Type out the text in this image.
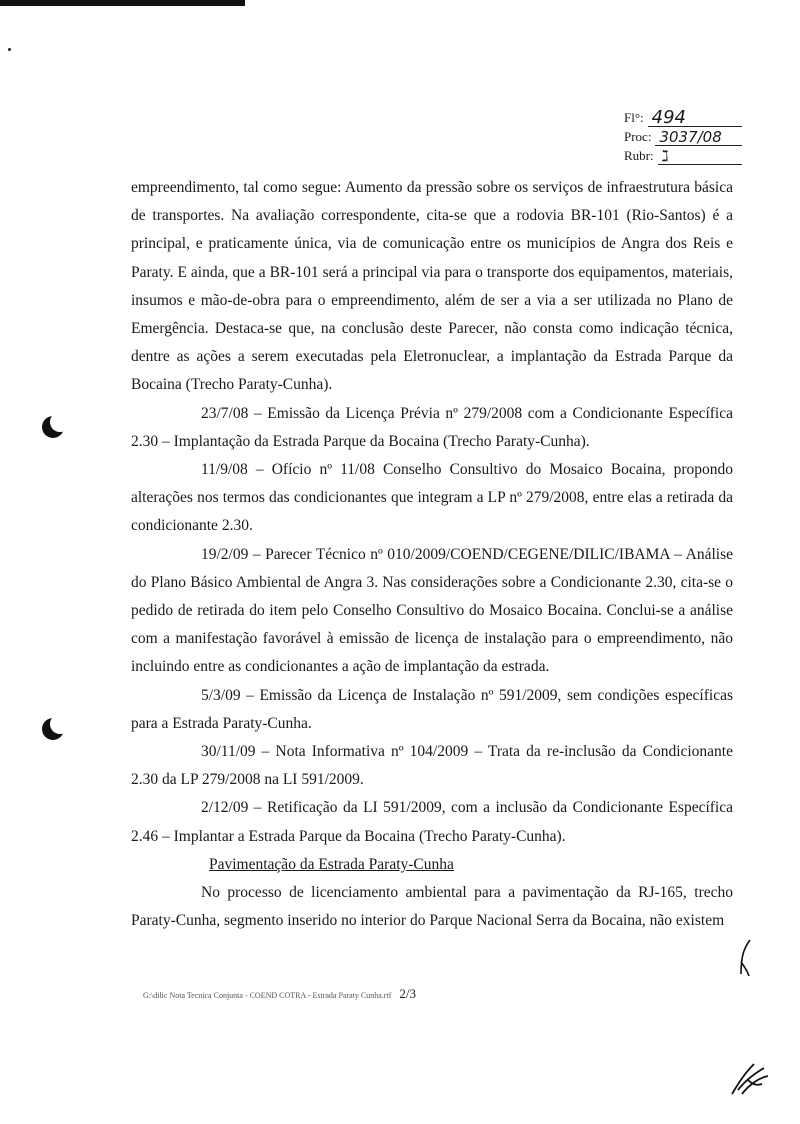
Fl°: 494
Proc: 3037/08
Rubr: ℷ

empreendimento, tal como segue: Aumento da pressão sobre os serviços de infraestrutura básica de transportes. Na avaliação correspondente, cita-se que a rodovia BR-101 (Rio-Santos) é a principal, e praticamente única, via de comunicação entre os municípios de Angra dos Reis e Paraty. E ainda, que a BR-101 será a principal via para o transporte dos equipamentos, materiais, insumos e mão-de-obra para o empreendimento, além de ser a via a ser utilizada no Plano de Emergência. Destaca-se que, na conclusão deste Parecer, não consta como indicação técnica, dentre as ações a serem executadas pela Eletronuclear, a implantação da Estrada Parque da Bocaina (Trecho Paraty-Cunha).

23/7/08 – Emissão da Licença Prévia nº 279/2008 com a Condicionante Específica 2.30 – Implantação da Estrada Parque da Bocaina (Trecho Paraty-Cunha).

11/9/08 – Ofício nº 11/08 Conselho Consultivo do Mosaico Bocaina, propondo alterações nos termos das condicionantes que integram a LP nº 279/2008, entre elas a retirada da condicionante 2.30.

19/2/09 – Parecer Técnico nº 010/2009/COEND/CEGENE/DILIC/IBAMA – Análise do Plano Básico Ambiental de Angra 3. Nas considerações sobre a Condicionante 2.30, cita-se o pedido de retirada do item pelo Conselho Consultivo do Mosaico Bocaina. Conclui-se a análise com a manifestação favorável à emissão de licença de instalação para o empreendimento, não incluindo entre as condicionantes a ação de implantação da estrada.

5/3/09 – Emissão da Licença de Instalação nº 591/2009, sem condições específicas para a Estrada Paraty-Cunha.

30/11/09 – Nota Informativa nº 104/2009 – Trata da re-inclusão da Condicionante 2.30 da LP 279/2008 na LI 591/2009.

2/12/09 – Retificação da LI 591/2009, com a inclusão da Condicionante Específica 2.46 – Implantar a Estrada Parque da Bocaina (Trecho Paraty-Cunha).

Pavimentação da Estrada Paraty-Cunha

No processo de licenciamento ambiental para a pavimentação da RJ-165, trecho Paraty-Cunha, segmento inserido no interior do Parque Nacional Serra da Bocaina, não existem

G:\dilic Nota Tecnica Conjunta - COEND COTRA - Estrada Paraty Cunha.rtf 2/3
